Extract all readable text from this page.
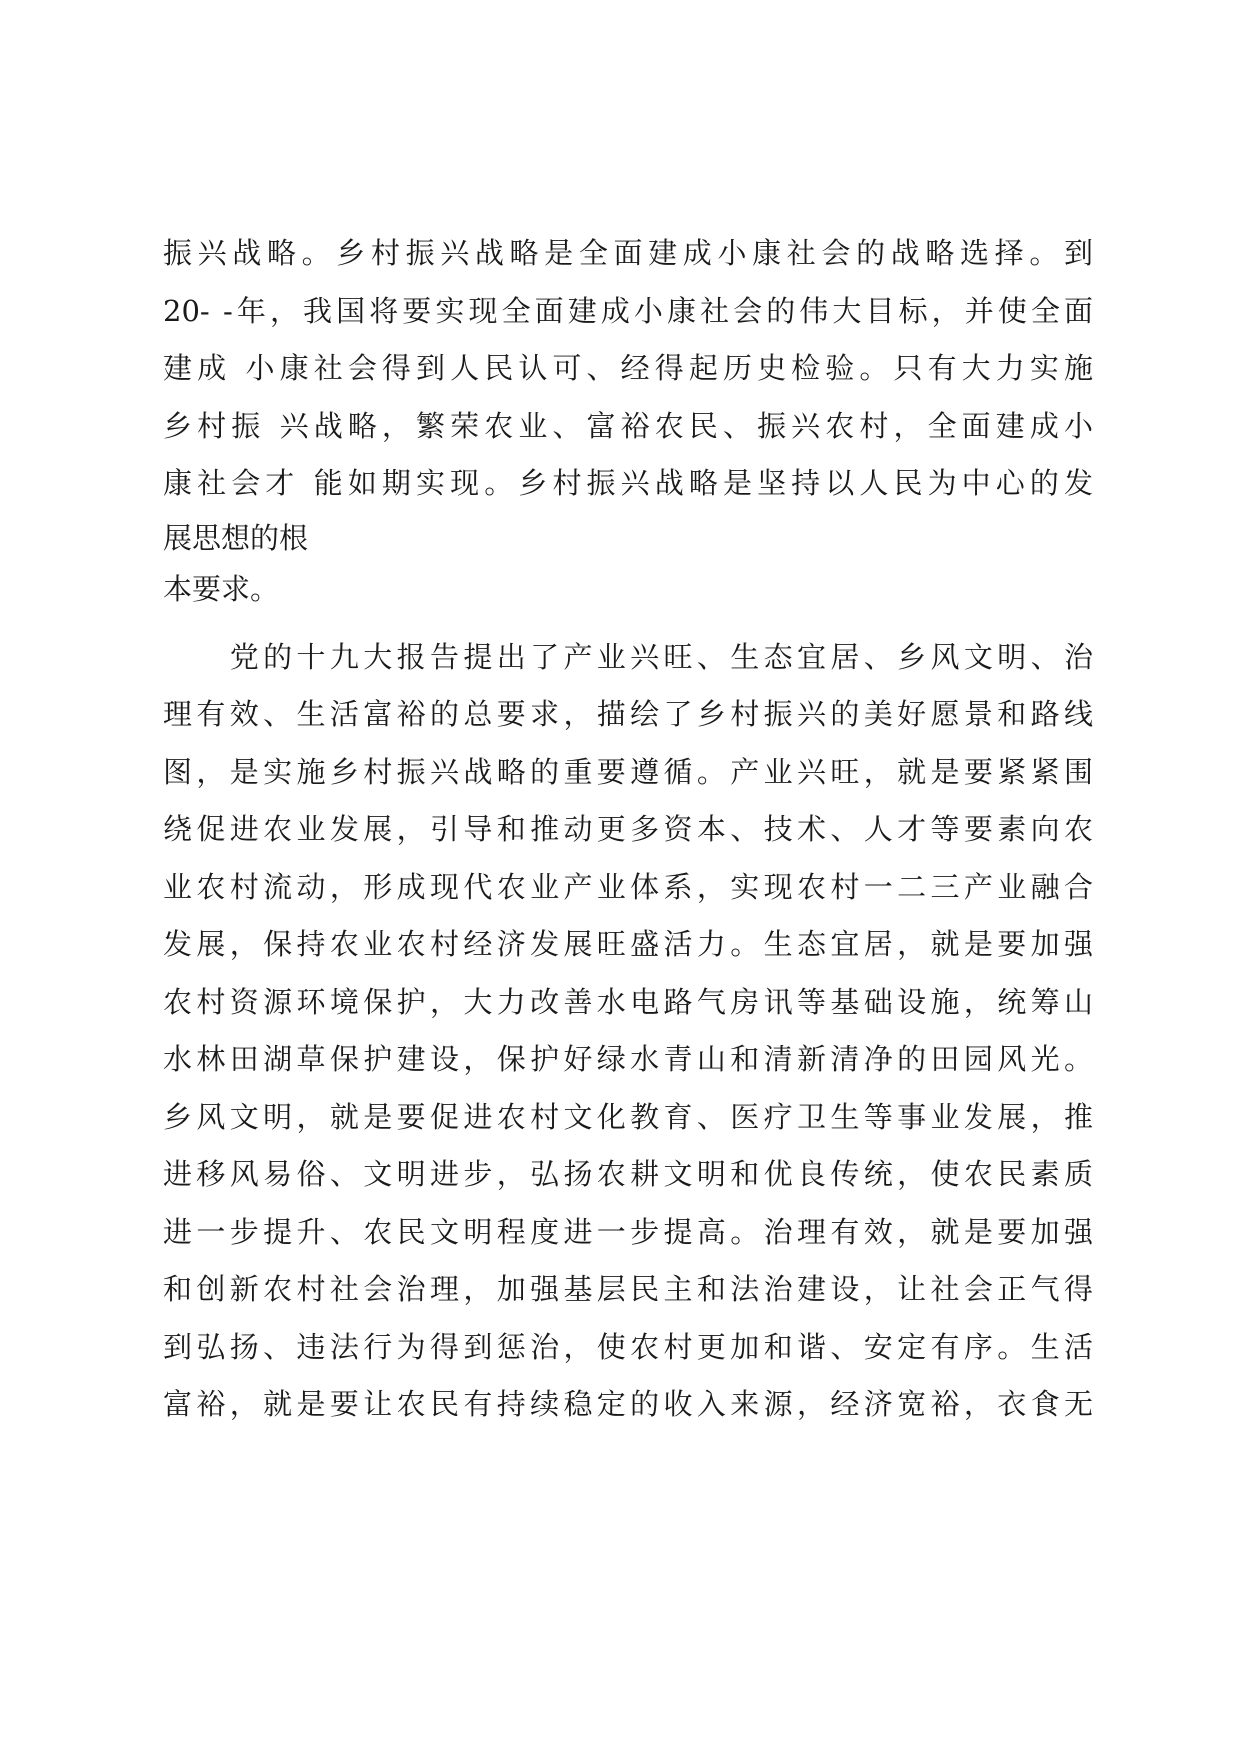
振兴战略。乡村振兴战略是全面建成小康社会的战略选择。到
20- -年，我国将要实现全面建成小康社会的伟大目标，并使全面
建成 小康社会得到人民认可、经得起历史检验。只有大力实施
乡村振 兴战略，繁荣农业、富裕农民、振兴农村，全面建成小
康社会才 能如期实现。乡村振兴战略是坚持以人民为中心的发
展思想的根
本要求。
　　党的十九大报告提出了产业兴旺、生态宜居、乡风文明、治
理有效、生活富裕的总要求，描绘了乡村振兴的美好愿景和路线
图，是实施乡村振兴战略的重要遵循。产业兴旺，就是要紧紧围
绕促进农业发展，引导和推动更多资本、技术、人才等要素向农
业农村流动，形成现代农业产业体系，实现农村一二三产业融合
发展，保持农业农村经济发展旺盛活力。生态宜居，就是要加强
农村资源环境保护，大力改善水电路气房讯等基础设施，统筹山
水林田湖草保护建设，保护好绿水青山和清新清净的田园风光。
乡风文明，就是要促进农村文化教育、医疗卫生等事业发展，推
进移风易俗、文明进步，弘扬农耕文明和优良传统，使农民素质
进一步提升、农民文明程度进一步提高。治理有效，就是要加强
和创新农村社会治理，加强基层民主和法治建设，让社会正气得
到弘扬、违法行为得到惩治，使农村更加和谐、安定有序。生活
富裕，就是要让农民有持续稳定的收入来源，经济宽裕，衣食无
